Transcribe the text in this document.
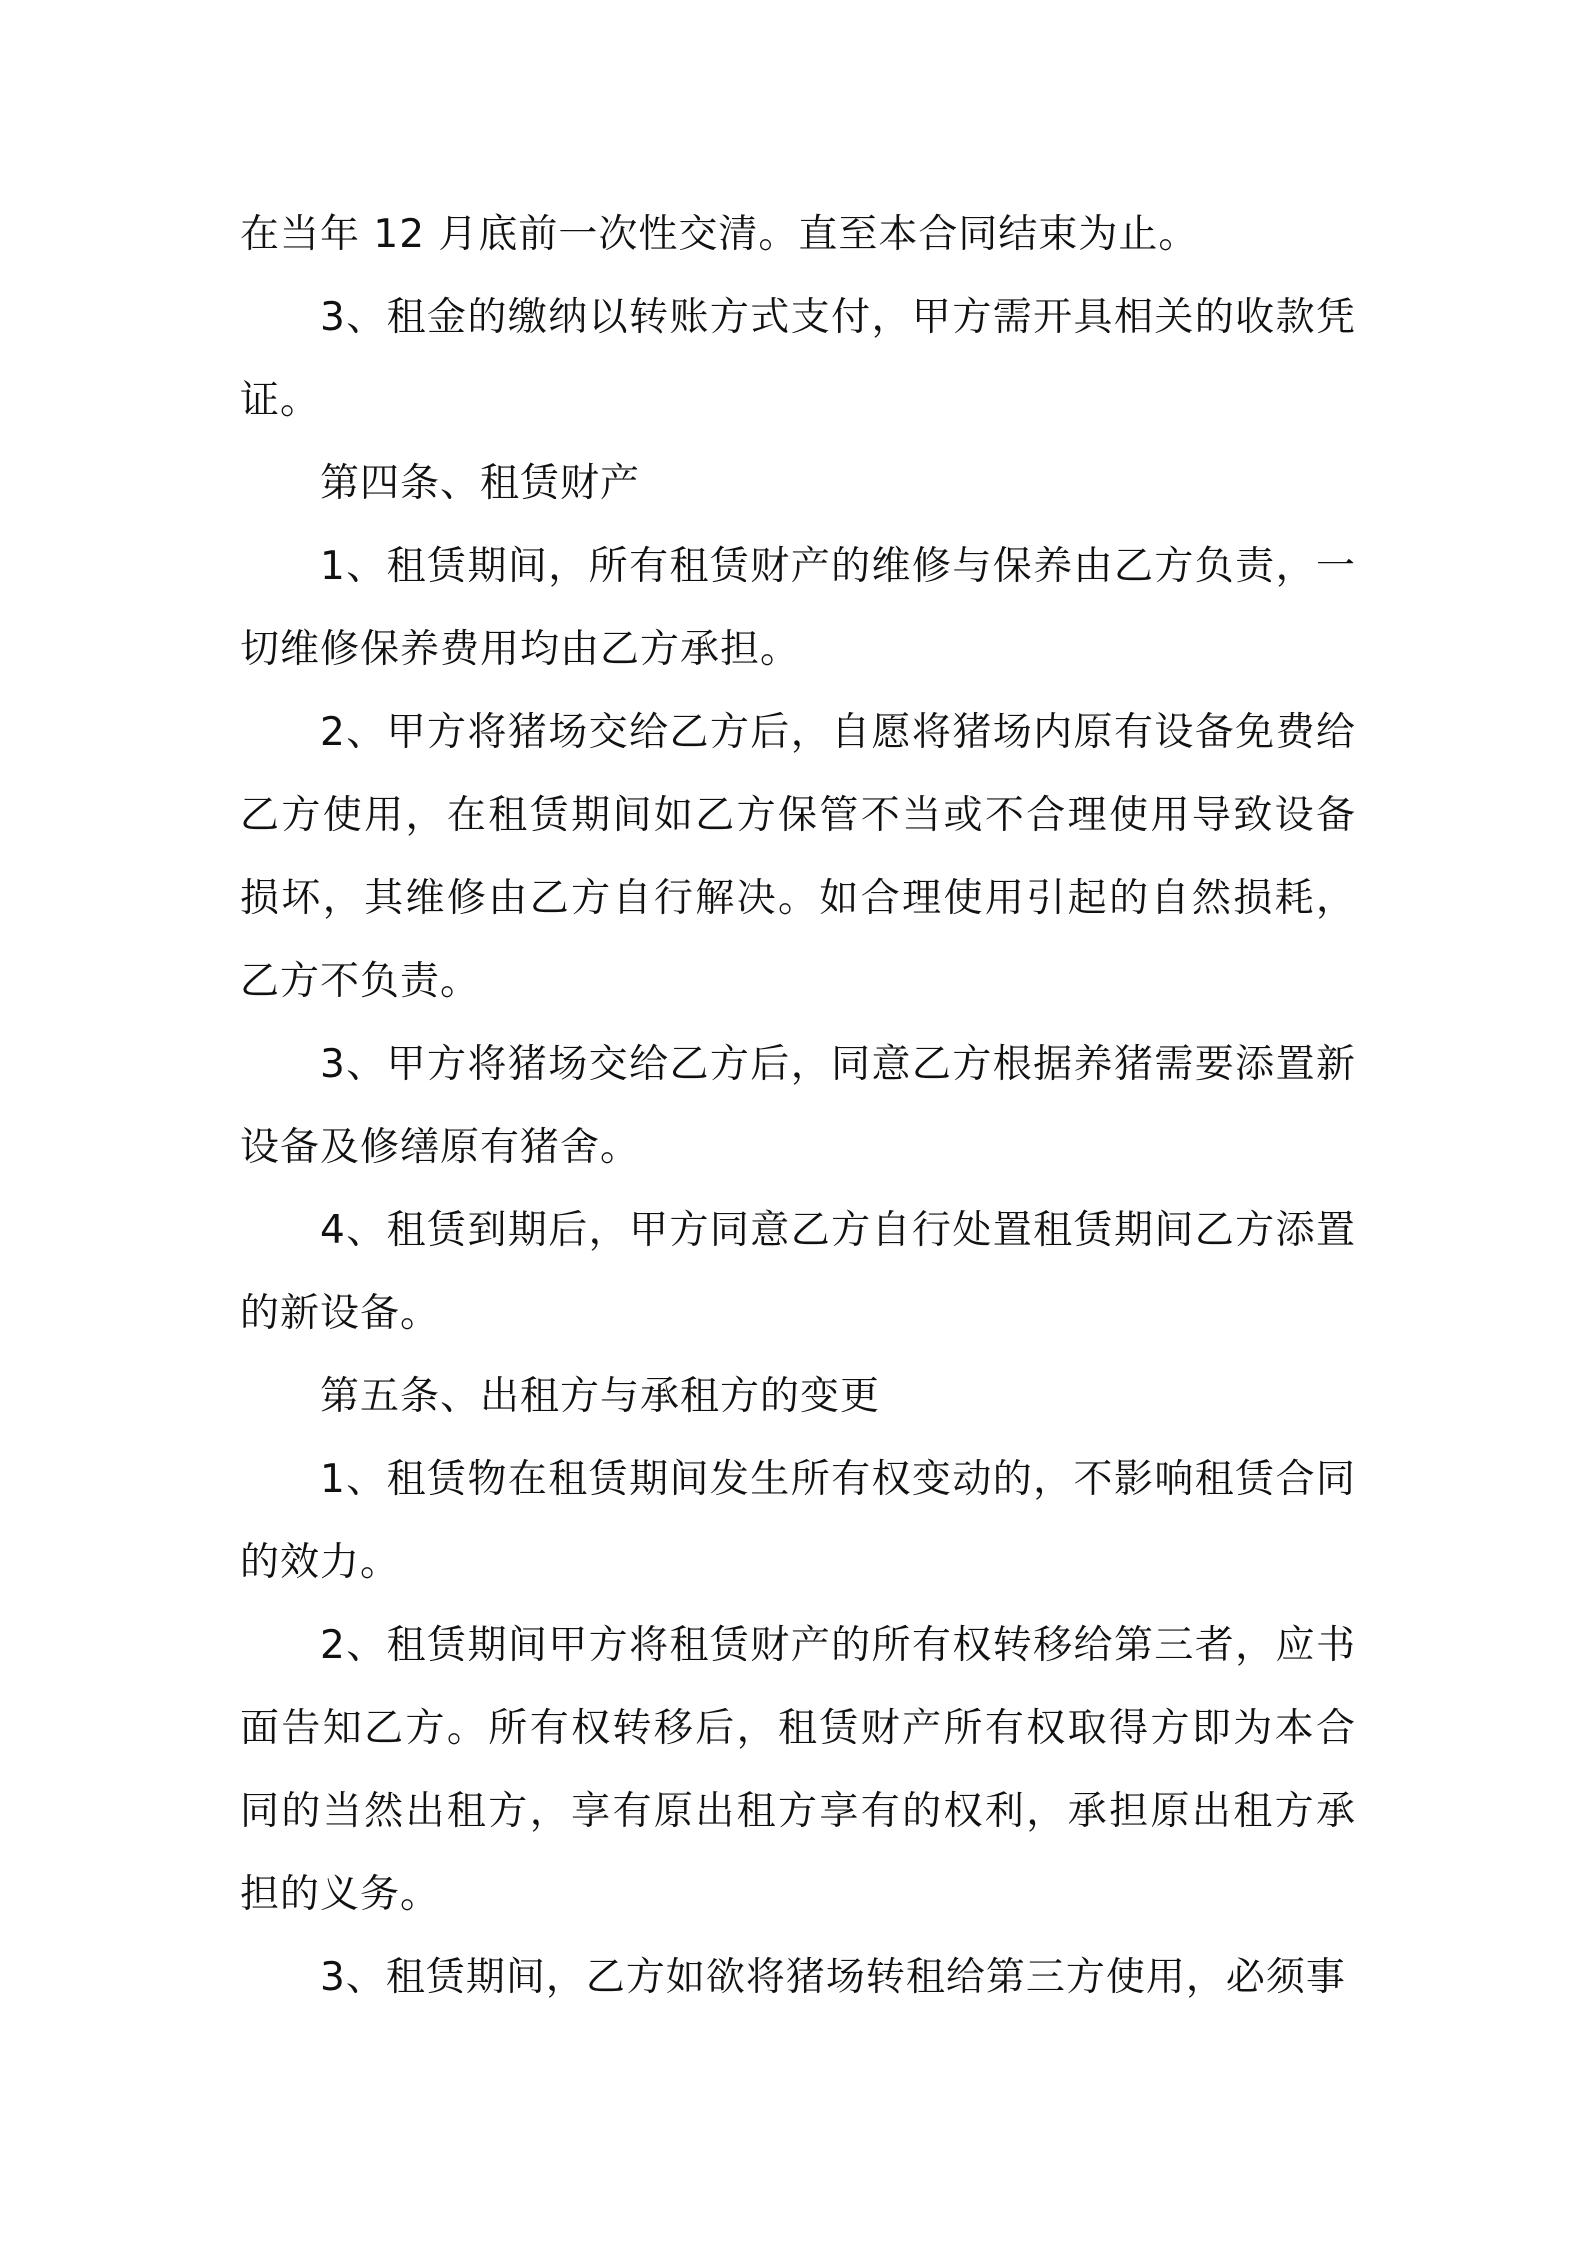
在当年 12 月底前一次性交清。直至本合同结束为止。

3、租金的缴纳以转账方式支付，甲方需开具相关的收款凭证。

第四条、租赁财产

1、租赁期间，所有租赁财产的维修与保养由乙方负责，一切维修保养费用均由乙方承担。

2、甲方将猪场交给乙方后，自愿将猪场内原有设备免费给乙方使用，在租赁期间如乙方保管不当或不合理使用导致设备损坏，其维修由乙方自行解决。如合理使用引起的自然损耗，乙方不负责。

3、甲方将猪场交给乙方后，同意乙方根据养猪需要添置新设备及修缮原有猪舍。

4、租赁到期后，甲方同意乙方自行处置租赁期间乙方添置的新设备。

第五条、出租方与承租方的变更

1、租赁物在租赁期间发生所有权变动的，不影响租赁合同的效力。

2、租赁期间甲方将租赁财产的所有权转移给第三者，应书面告知乙方。所有权转移后，租赁财产所有权取得方即为本合同的当然出租方，享有原出租方享有的权利，承担原出租方承担的义务。

3、租赁期间，乙方如欲将猪场转租给第三方使用，必须事
